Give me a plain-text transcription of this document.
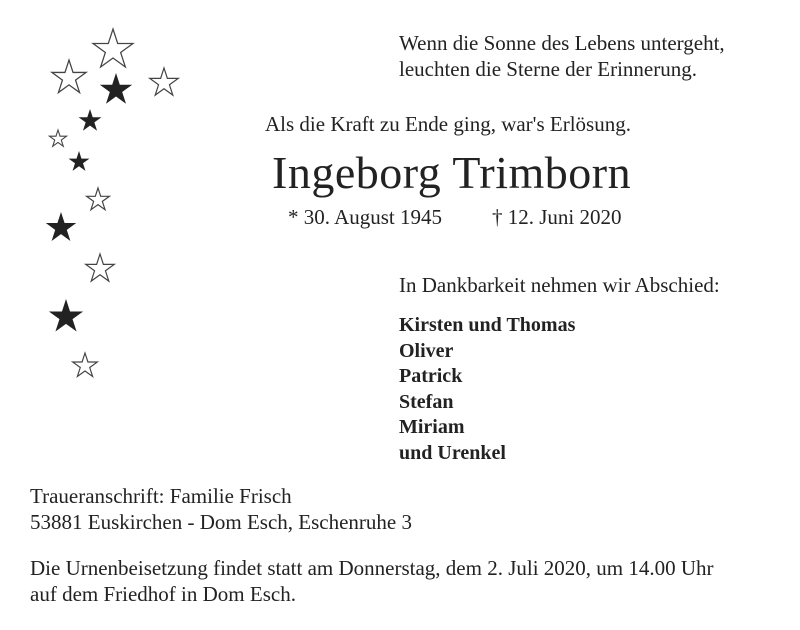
Wenn die Sonne des Lebens untergeht,
leuchten die Sterne der Erinnerung.
Als die Kraft zu Ende ging, war's Erlösung.
Ingeborg Trimborn
* 30. August 1945 † 12. Juni 2020
In Dankbarkeit nehmen wir Abschied:
Kirsten und Thomas
Oliver
Patrick
Stefan
Miriam
und Urenkel
Traueranschrift: Familie Frisch
53881 Euskirchen - Dom Esch, Eschenruhe 3
Die Urnenbeisetzung findet statt am Donnerstag, dem 2. Juli 2020, um 14.00 Uhr
auf dem Friedhof in Dom Esch.
